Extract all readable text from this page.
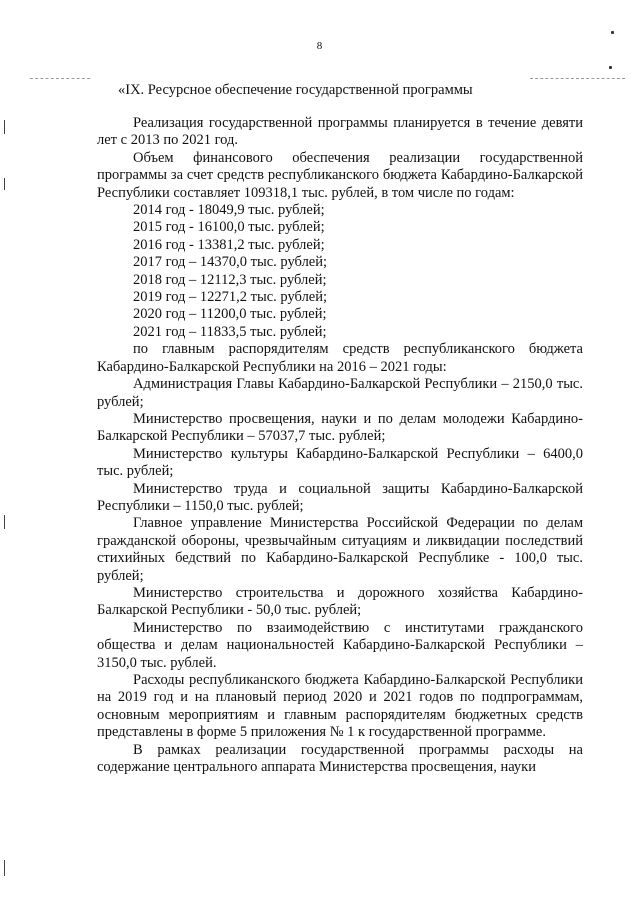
8
«IX. Ресурсное обеспечение государственной программы

Реализация государственной программы планируется в течение девяти лет с 2013 по 2021 год.

Объем финансового обеспечения реализации государственной программы за счет средств республиканского бюджета Кабардино-Балкарской Республики составляет 109318,1 тыс. рублей, в том числе по годам:

2014 год - 18049,9 тыс. рублей;

2015 год - 16100,0 тыс. рублей;

2016 год - 13381,2 тыс. рублей;

2017 год – 14370,0 тыс. рублей;

2018 год – 12112,3 тыс. рублей;

2019 год – 12271,2 тыс. рублей;

2020 год – 11200,0 тыс. рублей;

2021 год – 11833,5 тыс. рублей;

по главным распорядителям средств республиканского бюджета Кабардино-Балкарской Республики на 2016 – 2021 годы:

Администрация Главы Кабардино-Балкарской Республики – 2150,0 тыс. рублей;

Министерство просвещения, науки и по делам молодежи Кабардино-Балкарской Республики – 57037,7 тыс. рублей;

Министерство культуры Кабардино-Балкарской Республики – 6400,0 тыс. рублей;

Министерство труда и социальной защиты Кабардино-Балкарской Республики – 1150,0 тыс. рублей;

Главное управление Министерства Российской Федерации по делам гражданской обороны, чрезвычайным ситуациям и ликвидации последствий стихийных бедствий по Кабардино-Балкарской Республике - 100,0 тыс. рублей;

Министерство строительства и дорожного хозяйства Кабардино-Балкарской Республики - 50,0 тыс. рублей;

Министерство по взаимодействию с институтами гражданского общества и делам национальностей Кабардино-Балкарской Республики – 3150,0 тыс. рублей.

Расходы республиканского бюджета Кабардино-Балкарской Республики на 2019 год и на плановый период 2020 и 2021 годов по подпрограммам, основным мероприятиям и главным распорядителям бюджетных средств представлены в форме 5 приложения № 1 к государственной программе.

В рамках реализации государственной программы расходы на содержание центрального аппарата Министерства просвещения, науки
